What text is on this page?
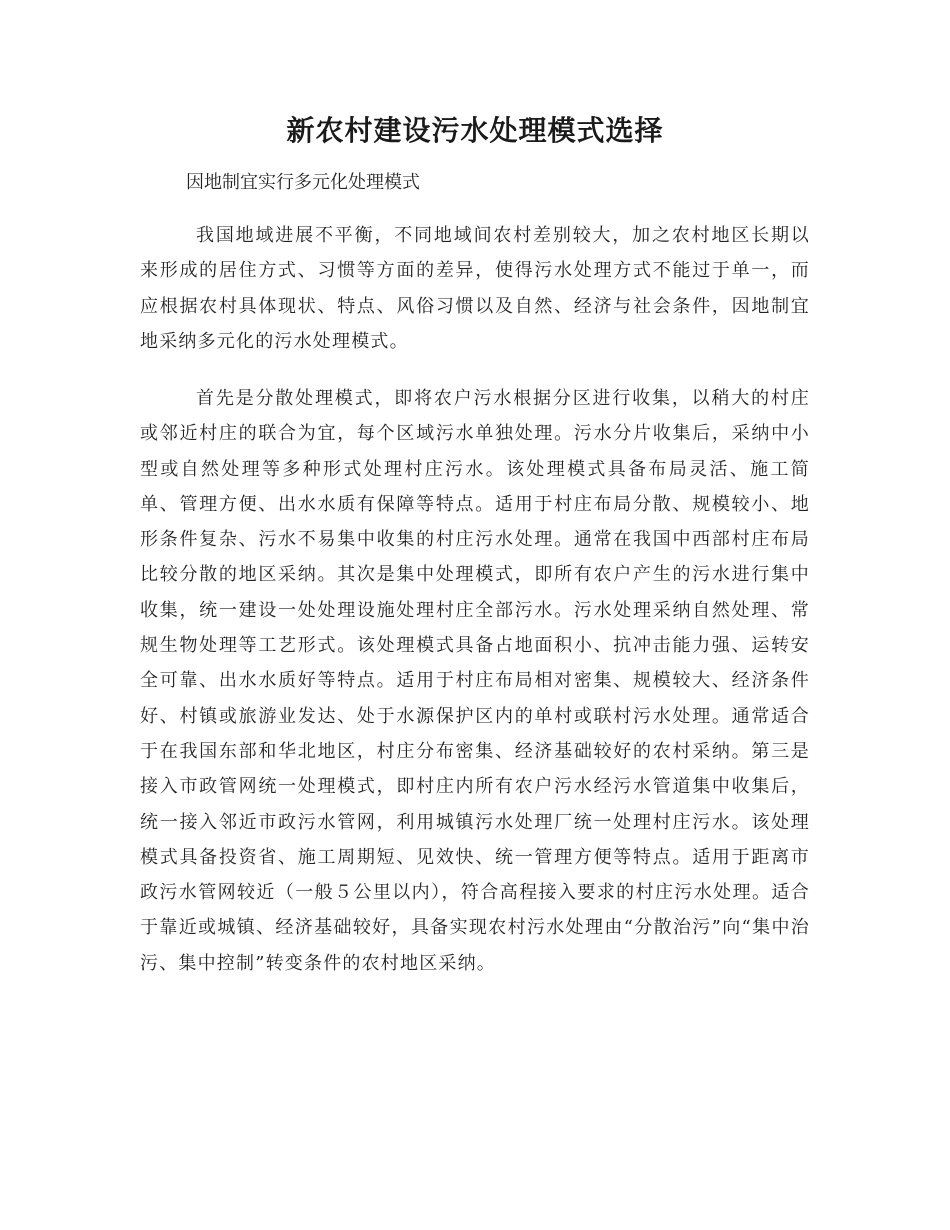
新农村建设污水处理模式选择
因地制宜实行多元化处理模式

我国地域进展不平衡，不同地域间农村差别较大，加之农村地区长期以来形成的居住方式、习惯等方面的差异，使得污水处理方式不能过于单一，而应根据农村具体现状、特点、风俗习惯以及自然、经济与社会条件，因地制宜地采纳多元化的污水处理模式。

首先是分散处理模式，即将农户污水根据分区进行收集，以稍大的村庄或邻近村庄的联合为宜，每个区域污水单独处理。污水分片收集后，采纳中小型或自然处理等多种形式处理村庄污水。该处理模式具备布局灵活、施工简单、管理方便、出水水质有保障等特点。适用于村庄布局分散、规模较小、地形条件复杂、污水不易集中收集的村庄污水处理。通常在我国中西部村庄布局比较分散的地区采纳。其次是集中处理模式，即所有农户产生的污水进行集中收集，统一建设一处处理设施处理村庄全部污水。污水处理采纳自然处理、常规生物处理等工艺形式。该处理模式具备占地面积小、抗冲击能力强、运转安全可靠、出水水质好等特点。适用于村庄布局相对密集、规模较大、经济条件好、村镇或旅游业发达、处于水源保护区内的单村或联村污水处理。通常适合于在我国东部和华北地区，村庄分布密集、经济基础较好的农村采纳。第三是接入市政管网统一处理模式，即村庄内所有农户污水经污水管道集中收集后，统一接入邻近市政污水管网，利用城镇污水处理厂统一处理村庄污水。该处理模式具备投资省、施工周期短、见效快、统一管理方便等特点。适用于距离市政污水管网较近（一般５公里以内），符合高程接入要求的村庄污水处理。适合于靠近或城镇、经济基础较好，具备实现农村污水处理由“分散治污”向“集中治污、集中控制”转变条件的农村地区采纳。
